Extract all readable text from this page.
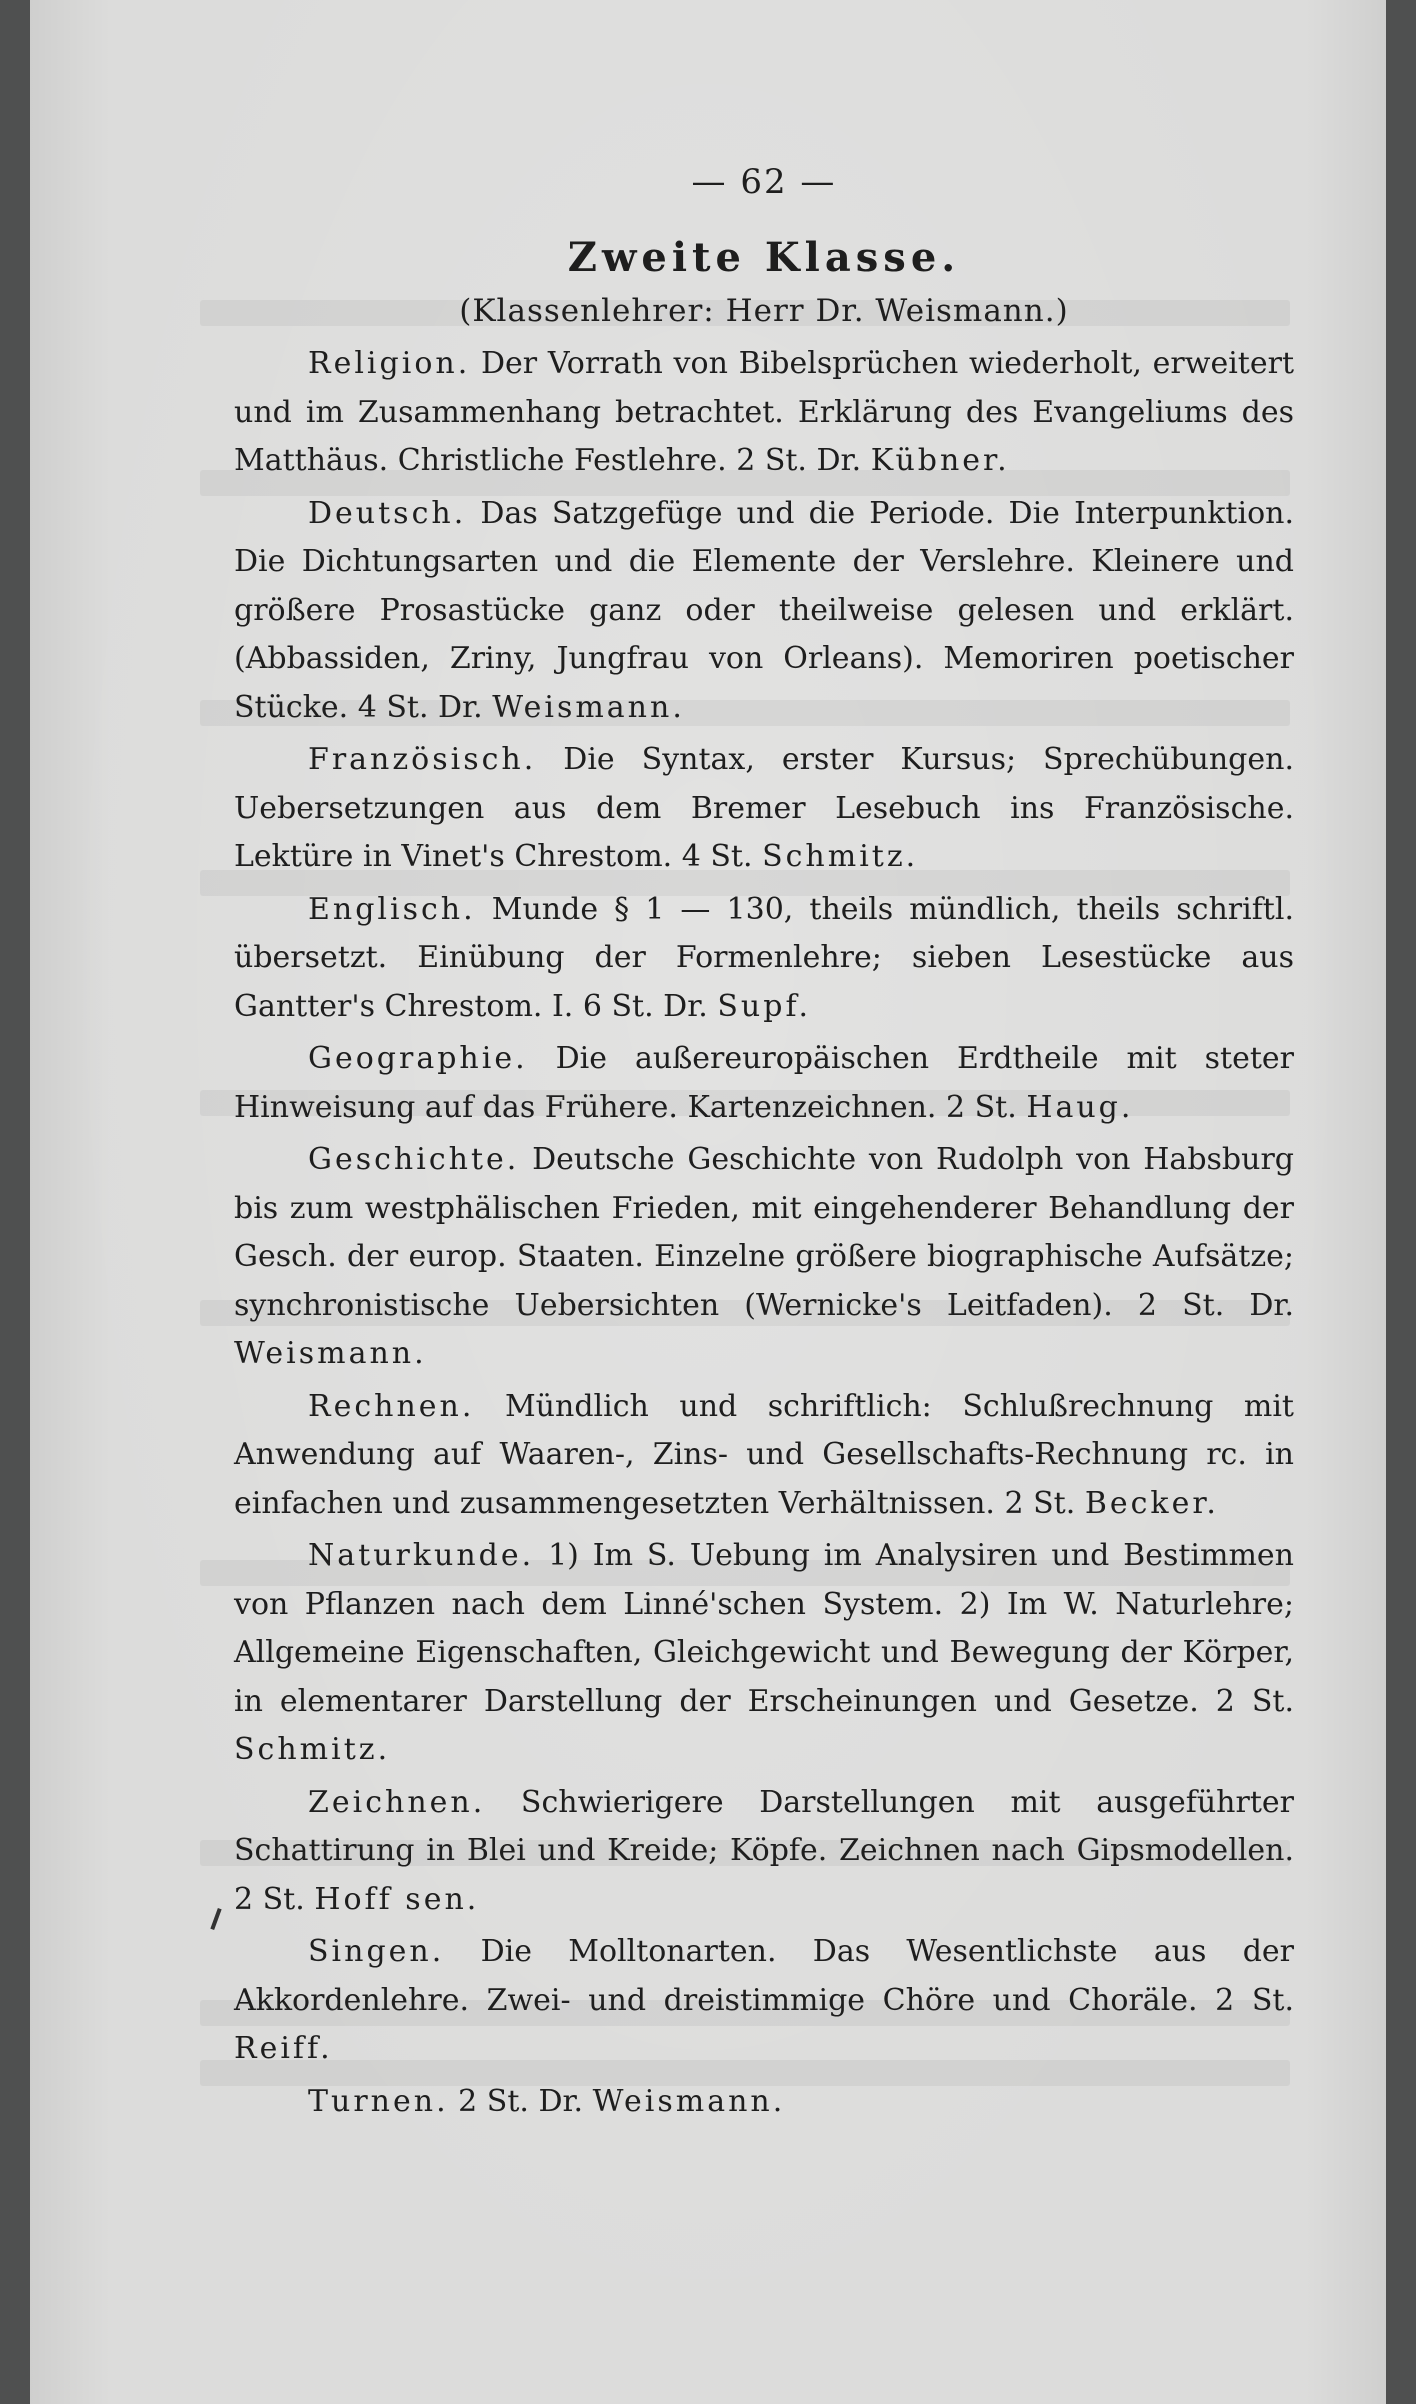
— 62 —
Zweite Klasse.
(Klassenlehrer: Herr Dr. Weismann.)

Religion. Der Vorrath von Bibelsprüchen wiederholt, erweitert und im Zusammenhang betrachtet. Erklärung des Evangeliums des Matthäus. Christliche Festlehre. 2 St. Dr. Kübner.

Deutsch. Das Satzgefüge und die Periode. Die Interpunktion. Die Dichtungsarten und die Elemente der Verslehre. Kleinere und größere Prosastücke ganz oder theilweise gelesen und erklärt. (Abbassiden, Zriny, Jungfrau von Orleans). Memoriren poetischer Stücke. 4 St. Dr. Weismann.

Französisch. Die Syntax, erster Kursus; Sprechübungen. Uebersetzungen aus dem Bremer Lesebuch ins Französische. Lektüre in Vinet's Chrestom. 4 St. Schmitz.

Englisch. Munde § 1 — 130, theils mündlich, theils schriftl. übersetzt. Einübung der Formenlehre; sieben Lesestücke aus Gantter's Chrestom. I. 6 St. Dr. Supf.

Geographie. Die außereuropäischen Erdtheile mit steter Hinweisung auf das Frühere. Kartenzeichnen. 2 St. Haug.

Geschichte. Deutsche Geschichte von Rudolph von Habsburg bis zum westphälischen Frieden, mit eingehenderer Behandlung der Gesch. der europ. Staaten. Einzelne größere biographische Aufsätze; synchronistische Uebersichten (Wernicke's Leitfaden). 2 St. Dr. Weismann.

Rechnen. Mündlich und schriftlich: Schlußrechnung mit Anwendung auf Waaren-, Zins- und Gesellschafts-Rechnung rc. in einfachen und zusammengesetzten Verhältnissen. 2 St. Becker.

Naturkunde. 1) Im S. Uebung im Analysiren und Bestimmen von Pflanzen nach dem Linné'schen System. 2) Im W. Naturlehre; Allgemeine Eigenschaften, Gleichgewicht und Bewegung der Körper, in elementarer Darstellung der Erscheinungen und Gesetze. 2 St. Schmitz.

Zeichnen. Schwierigere Darstellungen mit ausgeführter Schattirung in Blei und Kreide; Köpfe. Zeichnen nach Gipsmodellen. 2 St. Hoff sen.

Singen. Die Molltonarten. Das Wesentlichste aus der Akkordenlehre. Zwei- und dreistimmige Chöre und Choräle. 2 St. Reiff.

Turnen. 2 St. Dr. Weismann.
